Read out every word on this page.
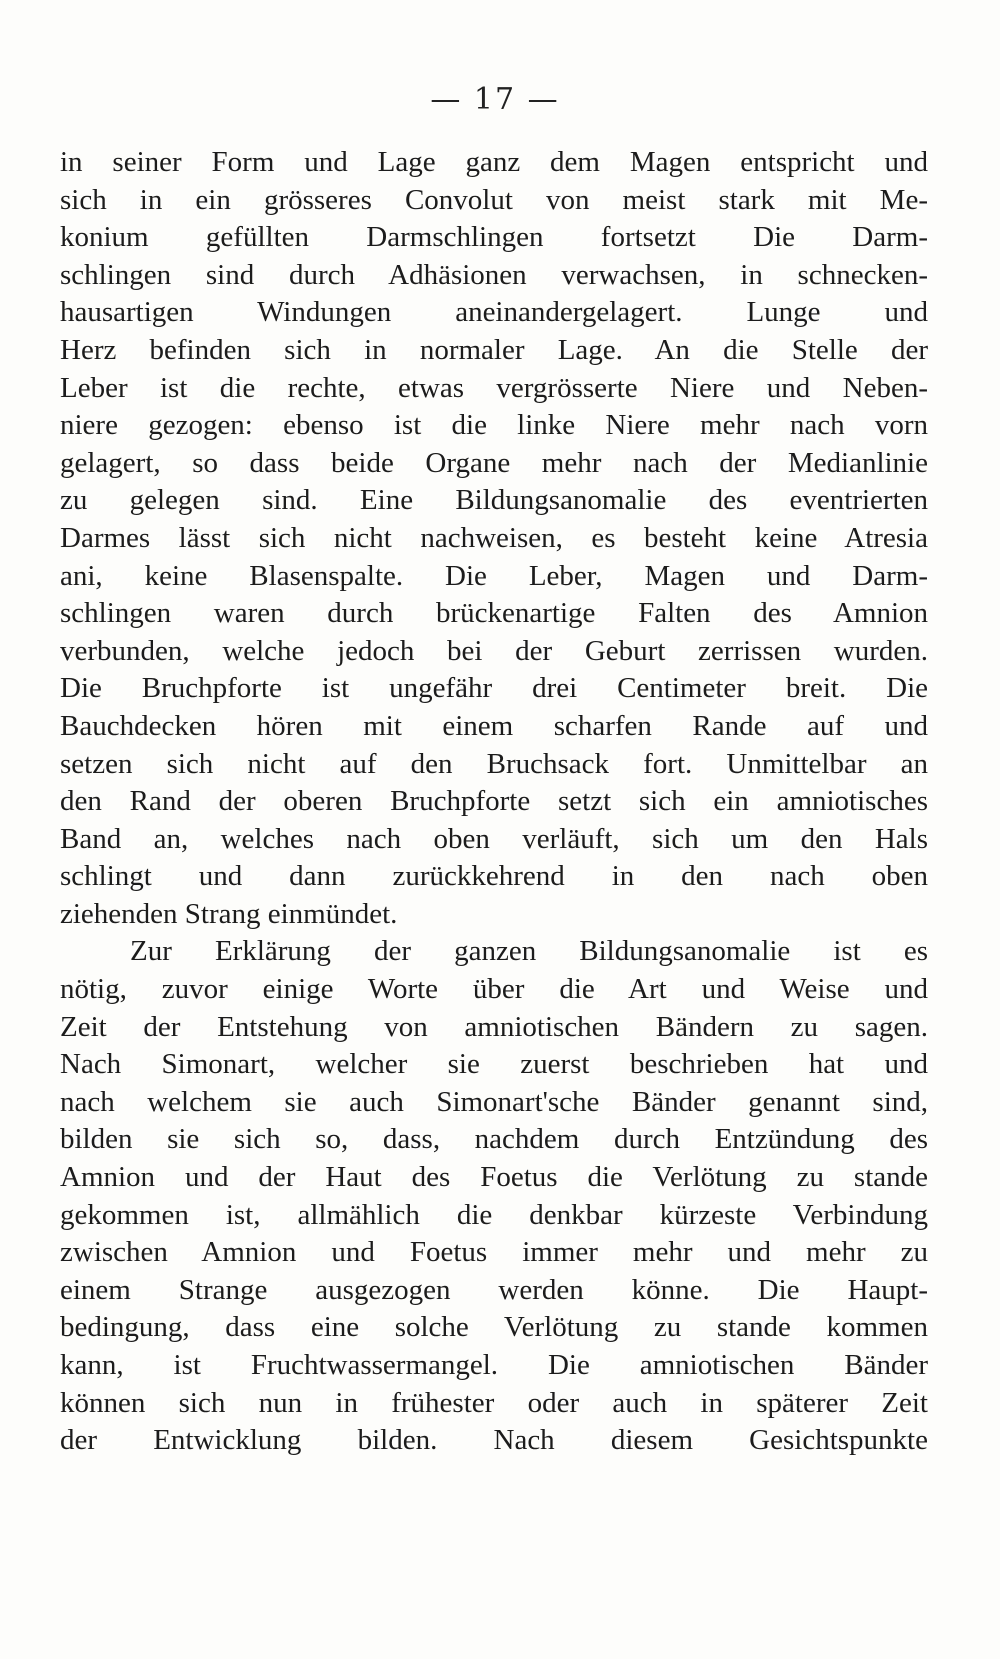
— 17 —
in seiner Form und Lage ganz dem Magen entspricht und
sich in ein grösseres Convolut von meist stark mit Me-
konium gefüllten Darmschlingen fortsetzt Die Darm-
schlingen sind durch Adhäsionen verwachsen, in schnecken-
hausartigen Windungen aneinandergelagert. Lunge und
Herz befinden sich in normaler Lage. An die Stelle der
Leber ist die rechte, etwas vergrösserte Niere und Neben-
niere gezogen: ebenso ist die linke Niere mehr nach vorn
gelagert, so dass beide Organe mehr nach der Medianlinie
zu gelegen sind. Eine Bildungsanomalie des eventrierten
Darmes lässt sich nicht nachweisen, es besteht keine Atresia
ani, keine Blasenspalte. Die Leber, Magen und Darm-
schlingen waren durch brückenartige Falten des Amnion
verbunden, welche jedoch bei der Geburt zerrissen wurden.
Die Bruchpforte ist ungefähr drei Centimeter breit. Die
Bauchdecken hören mit einem scharfen Rande auf und
setzen sich nicht auf den Bruchsack fort. Unmittelbar an
den Rand der oberen Bruchpforte setzt sich ein amniotisches
Band an, welches nach oben verläuft, sich um den Hals
schlingt und dann zurückkehrend in den nach oben
ziehenden Strang einmündet.
Zur Erklärung der ganzen Bildungsanomalie ist es
nötig, zuvor einige Worte über die Art und Weise und
Zeit der Entstehung von amniotischen Bändern zu sagen.
Nach Simonart, welcher sie zuerst beschrieben hat und
nach welchem sie auch Simonart'sche Bänder genannt sind,
bilden sie sich so, dass, nachdem durch Entzündung des
Amnion und der Haut des Foetus die Verlötung zu stande
gekommen ist, allmählich die denkbar kürzeste Verbindung
zwischen Amnion und Foetus immer mehr und mehr zu
einem Strange ausgezogen werden könne. Die Haupt-
bedingung, dass eine solche Verlötung zu stande kommen
kann, ist Fruchtwassermangel. Die amniotischen Bänder
können sich nun in frühester oder auch in späterer Zeit
der Entwicklung bilden. Nach diesem Gesichtspunkte
